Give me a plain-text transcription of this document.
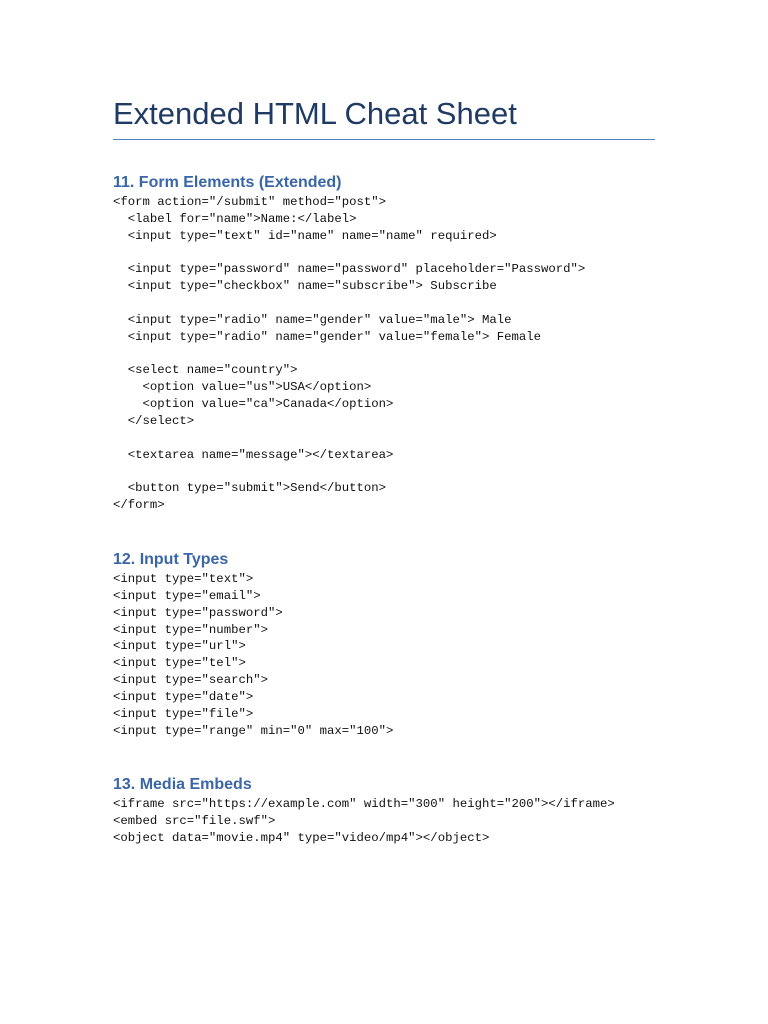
Extended HTML Cheat Sheet
11. Form Elements (Extended)
<form action="/submit" method="post">
<label for="name">Name:</label>
<input type="text" id="name" name="name" required>

<input type="password" name="password" placeholder="Password">
<input type="checkbox" name="subscribe"> Subscribe

<input type="radio" name="gender" value="male"> Male
<input type="radio" name="gender" value="female"> Female

<select name="country">
<option value="us">USA</option>
<option value="ca">Canada</option>
</select>

<textarea name="message"></textarea>

<button type="submit">Send</button>
</form>
12. Input Types
<input type="text">
<input type="email">
<input type="password">
<input type="number">
<input type="url">
<input type="tel">
<input type="search">
<input type="date">
<input type="file">
<input type="range" min="0" max="100">
13. Media Embeds
<iframe src="https://example.com" width="300" height="200"></iframe>
<embed src="file.swf">
<object data="movie.mp4" type="video/mp4"></object>
